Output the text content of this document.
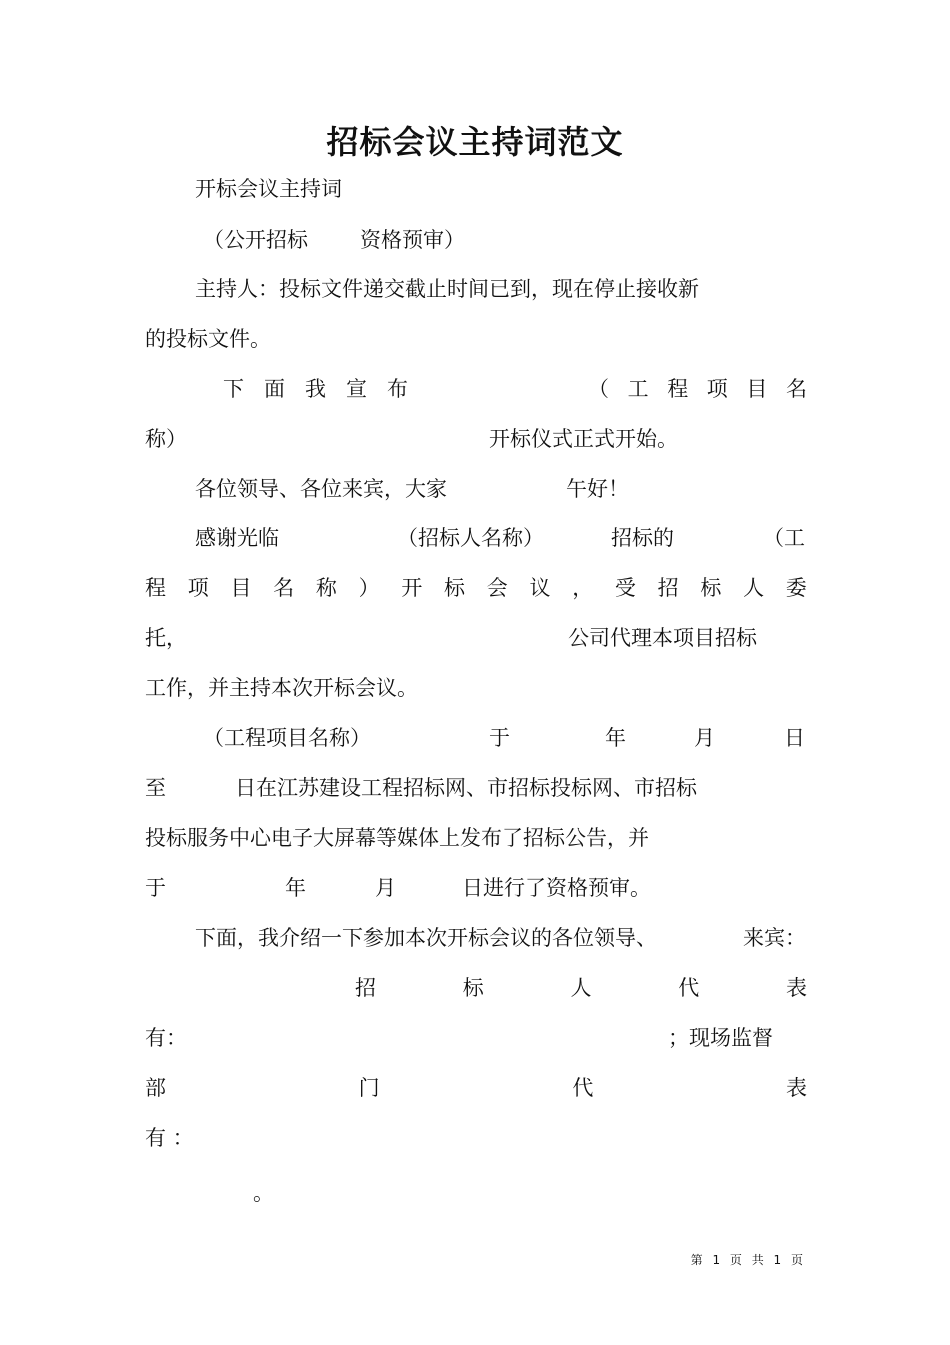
招标会议主持词范文
开标会议主持词
（公开招标 资格预审）
主持人：投标文件递交截止时间已到，现在停止接收新
的投标文件。
下 面 我 宣 布	（ 工 程 项 目 名
称）	开标仪式正式开始。
各位领导、各位来宾，大家	午好！
感谢光临	（招标人名称）	招标的	（工
程 项 目 名 称 ） 开 标 会 议 ， 受 招 标 人 委
托，	公司代理本项目招标
工作，并主持本次开标会议。
（工程项目名称）	于	年	月	日
至	日在江苏建设工程招标网、市招标投标网、市招标
投标服务中心电子大屏幕等媒体上发布了招标公告，并
于	年	月	日进行了资格预审。
下面，我介绍一下参加本次开标会议的各位领导、	来宾：
招	标	人	代	表
有：	；现场监督
部	门	代	表
有 ：
。
第 1 页 共 1 页
